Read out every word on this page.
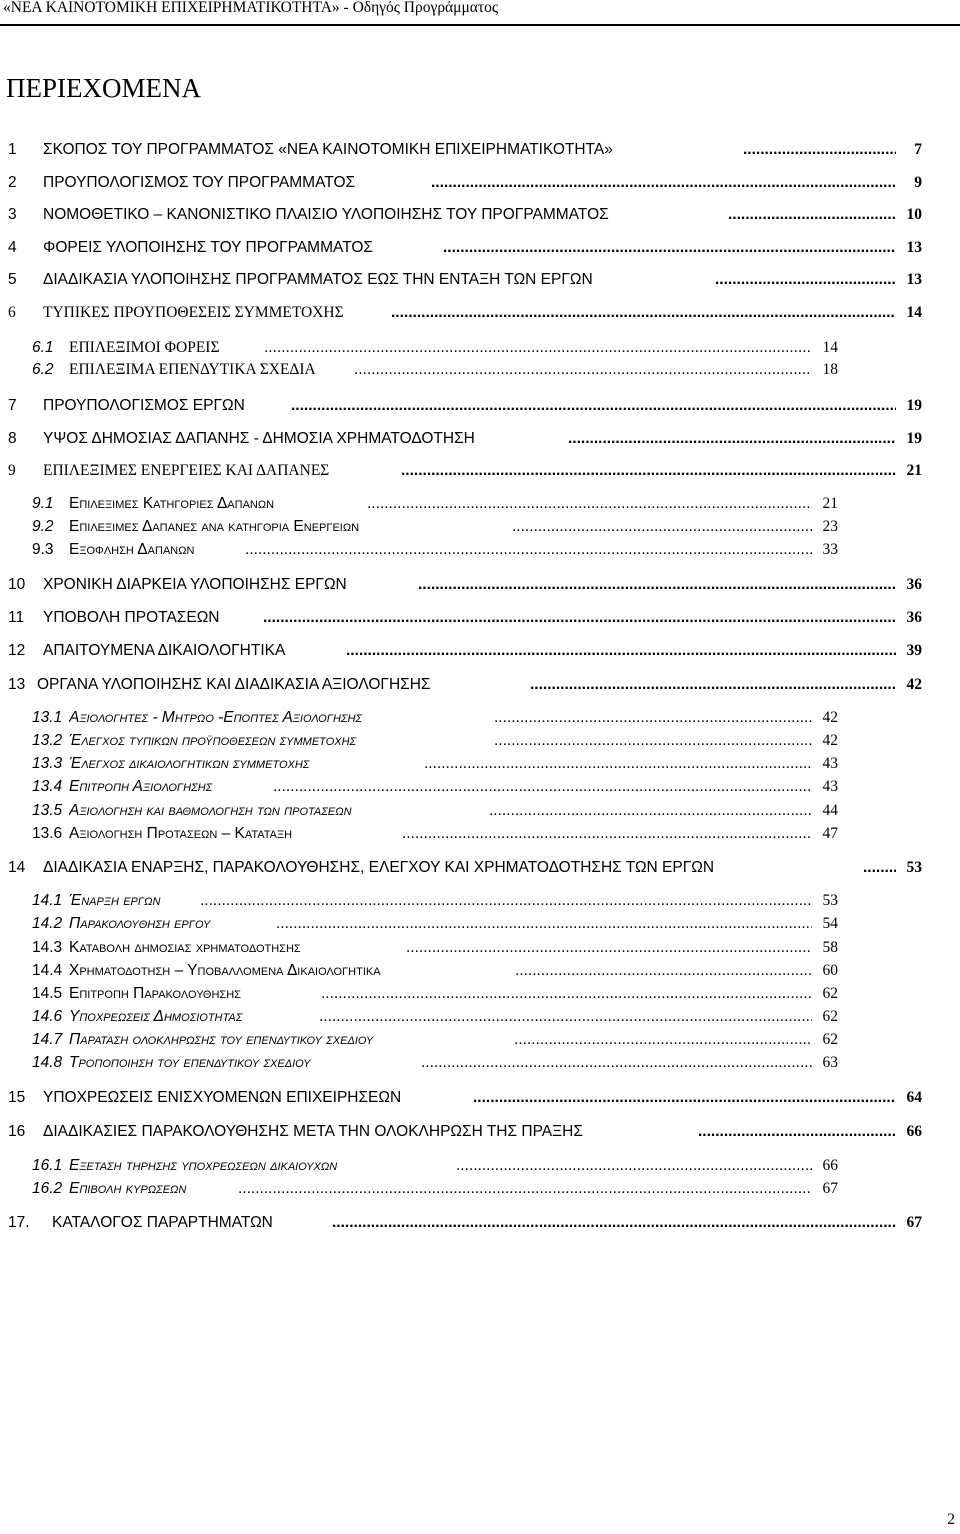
«ΝΕΑ ΚΑΙΝΟΤΟΜΙΚΗ ΕΠΙΧΕΙΡΗΜΑΤΙΚΟΤΗΤΑ» - Οδηγός Προγράμματος
ΠΕΡΙΕΧΟΜΕΝΑ
1 ΣΚΟΠΟΣ ΤΟΥ ΠΡΟΓΡΑΜΜΑΤΟΣ «ΝΕΑ ΚΑΙΝΟΤΟΜΙΚΗ ΕΠΙΧΕΙΡΗΜΑΤΙΚΟΤΗΤΑ» .....	7
2 ΠΡΟΥΠΟΛΟΓΙΣΜΟΣ ΤΟΥ ΠΡΟΓΡΑΜΜΑΤΟΣ .....	9
3 ΝΟΜΟΘΕΤΙΚΟ – ΚΑΝΟΝΙΣΤΙΚΟ ΠΛΑΙΣΙΟ ΥΛΟΠΟΙΗΣΗΣ ΤΟΥ ΠΡΟΓΡΑΜΜΑΤΟΣ .....	10
4 ΦΟΡΕΙΣ ΥΛΟΠΟΙΗΣΗΣ ΤΟΥ ΠΡΟΓΡΑΜΜΑΤΟΣ .....	13
5 ΔΙΑΔΙΚΑΣΙΑ ΥΛΟΠΟΙΗΣΗΣ ΠΡΟΓΡΑΜΜΑΤΟΣ ΕΩΣ ΤΗΝ ΕΝΤΑΞΗ ΤΩΝ ΕΡΓΩΝ .....	13
6 ΤΥΠΙΚΕΣ ΠΡΟΥΠΟΘΕΣΕΙΣ ΣΥΜΜΕΤΟΧΗΣ .....	14
6.1 ΕΠΙΛΕΞΙΜΟΙ ΦΟΡΕΙΣ .....	14
6.2 ΕΠΙΛΕΞΙΜΑ ΕΠΕΝΔΥΤΙΚΑ ΣΧΕΔΙΑ .....	18
7 ΠΡΟΥΠΟΛΟΓΙΣΜΟΣ ΕΡΓΩΝ .....	19
8 ΥΨΟΣ ΔΗΜΟΣΙΑΣ ΔΑΠΑΝΗΣ - ΔΗΜΟΣΙΑ ΧΡΗΜΑΤΟΔΟΤΗΣΗ .....	19
9 ΕΠΙΛΕΞΙΜΕΣ ΕΝΕΡΓΕΙΕΣ ΚΑΙ ΔΑΠΑΝΕΣ .....	21
9.1 Επιλεξιμεσ Κατηγοριεσ Δαπανων .....	21
9.2 Επιλεξιμεσ Δαπανεσ ανα κατηγορια Ενεργειων .....	23
9.3 Εξοφληση Δαπανων .....	33
10 ΧΡΟΝΙΚΗ ΔΙΑΡΚΕΙΑ ΥΛΟΠΟΙΗΣΗΣ ΕΡΓΩΝ .....	36
11 ΥΠΟΒΟΛΗ ΠΡΟΤΑΣΕΩΝ .....	36
12 ΑΠΑΙΤΟΥΜΕΝΑ ΔΙΚΑΙΟΛΟΓΗΤΙΚΑ .....	39
13 ΟΡΓΑΝΑ ΥΛΟΠΟΙΗΣΗΣ ΚΑΙ ΔΙΑΔΙΚΑΣΙΑ ΑΞΙΟΛΟΓΗΣΗΣ .....	42
13.1 Αξιολογητεσ - Μητρωο -Εποπτεσ Αξιολογησησ .....	42
13.2 Έλεγχοσ τυπικων προϋποθεσεων συμμετοχησ .....	42
13.3 Έλεγχοσ δικαιολογητικων συμμετοχησ .....	43
13.4 Επιτροπη Αξιολογησησ .....	43
13.5 Αξιολογηση και βαθμολογηση των προτασεων .....	44
13.6 Αξιολογηση Προτασεων – Καταταξη .....	47
14 ΔΙΑΔΙΚΑΣΙΑ ΕΝΑΡΞΗΣ, ΠΑΡΑΚΟΛΟΥΘΗΣΗΣ, ΕΛΕΓΧΟΥ ΚΑΙ ΧΡΗΜΑΤΟΔΟΤΗΣΗΣ ΤΩΝ ΕΡΓΩΝ .....	53
14.1 Έναρξη εργων .....	53
14.2 Παρακολουθηση εργου .....	54
14.3 Καταβολη δημοσιασ χρηματοδοτησησ .....	58
14.4 Χρηματοδοτηση – Υποβαλλομενα Δικαιολογητικα .....	60
14.5 Επιτροπη Παρακολουθησησ .....	62
14.6 Υποχρεωσεισ Δημοσιοτητασ .....	62
14.7 Παραταση ολοκληρωσησ του επενδυτικου σχεδιου .....	62
14.8 Τροποποιηση του επενδυτικου σχεδιου .....	63
15 ΥΠΟΧΡΕΩΣΕΙΣ ΕΝΙΣΧΥΟΜΕΝΩΝ ΕΠΙΧΕΙΡΗΣΕΩΝ .....	64
16 ΔΙΑΔΙΚΑΣΙΕΣ ΠΑΡΑΚΟΛΟΥΘΗΣΗΣ ΜΕΤΑ ΤΗΝ ΟΛΟΚΛΗΡΩΣΗ ΤΗΣ ΠΡΑΞΗΣ .....	66
16.1 Εξεταση τηρησησ υποχρεωσεων δικαιουχων .....	66
16.2 Επιβολη κυρωσεων .....	67
17. ΚΑΤΑΛΟΓΟΣ ΠΑΡΑΡΤΗΜΑΤΩΝ .....	67
2
